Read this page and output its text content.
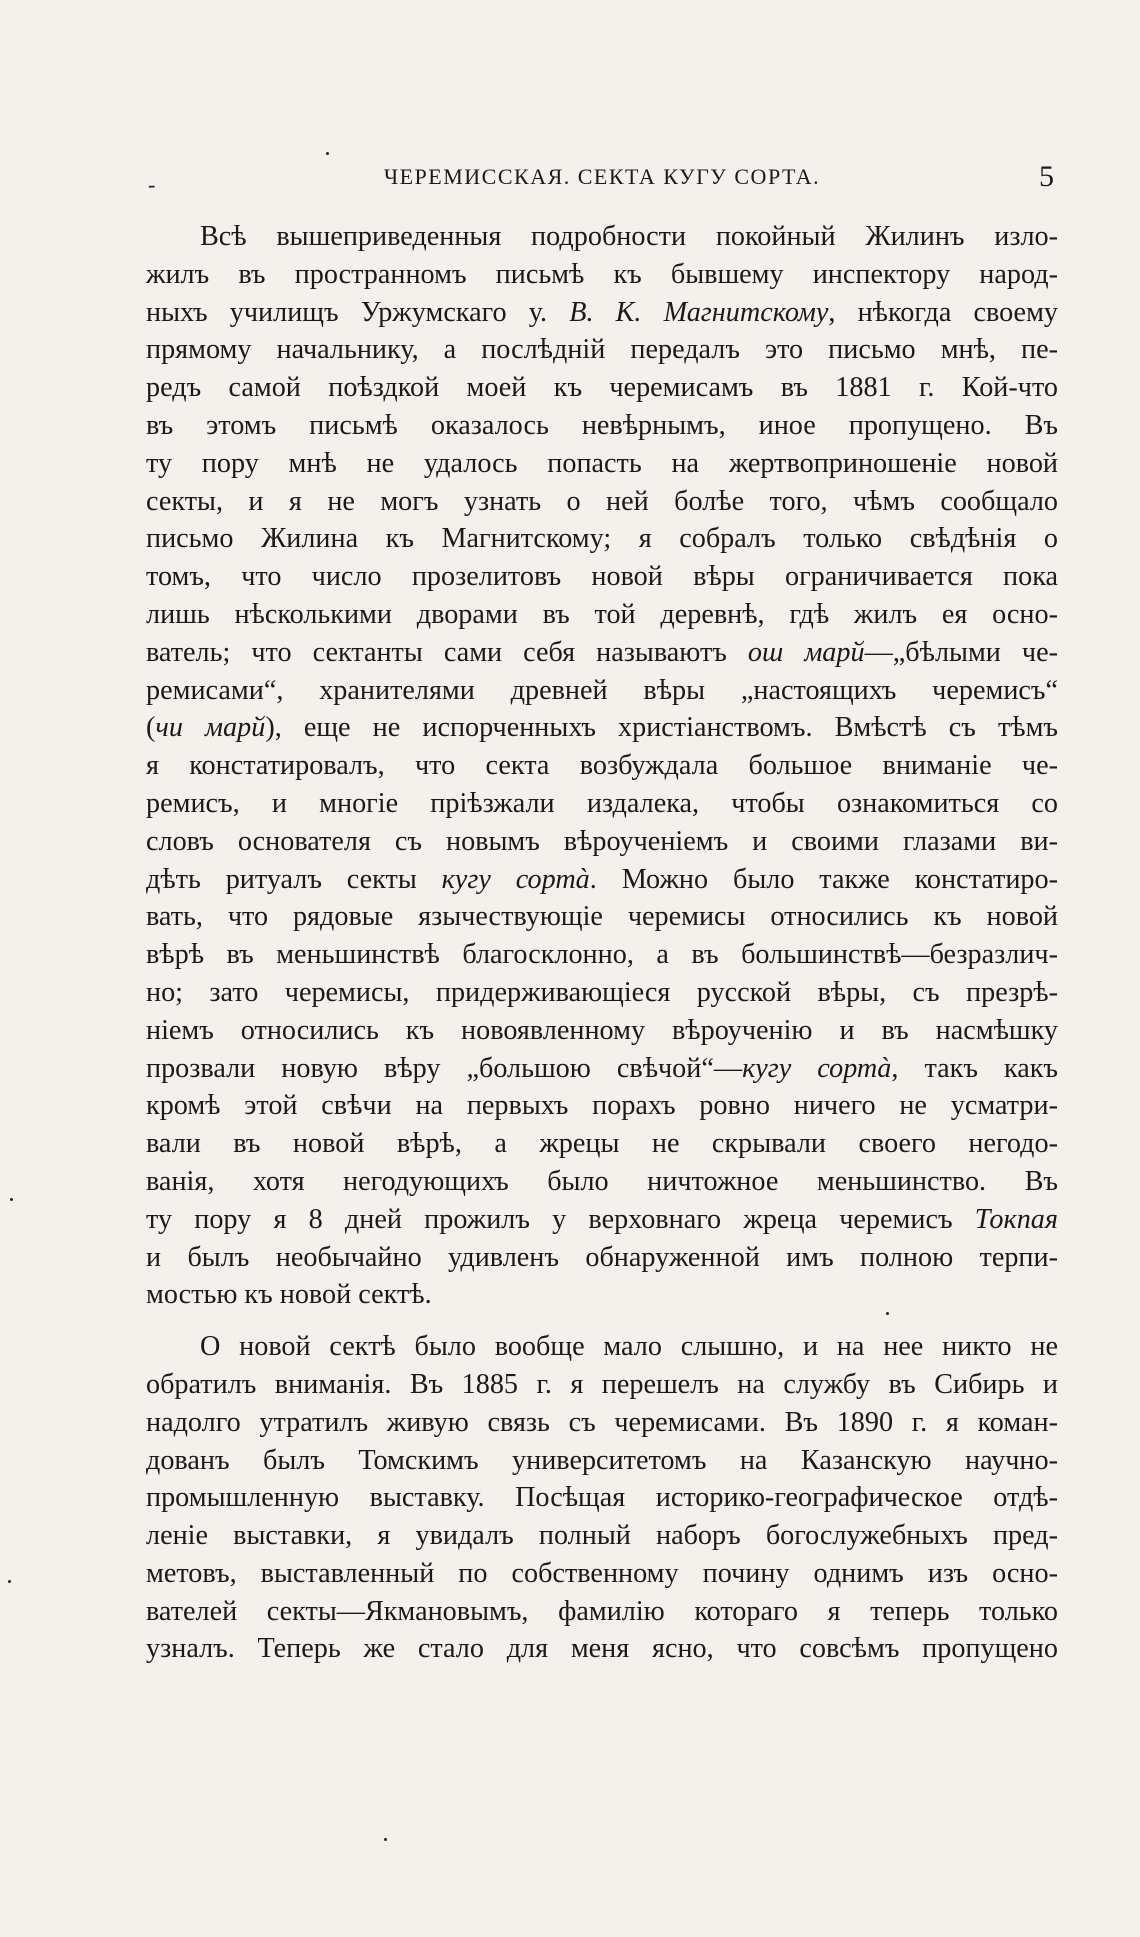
-	ЧЕРЕМИССКАЯ. СЕКТА КУГУ СОРТА.	5

Всѣ вышеприведенныя подробности покойный Жилинъ изло-
жилъ въ пространномъ письмѣ къ бывшему инспектору народ-
ныхъ училищъ Уржумскаго у. В. К. Магнитскому, нѣкогда своему
прямому начальнику, а послѣдній передалъ это письмо мнѣ, пе-
редъ самой поѣздкой моей къ черемисамъ въ 1881 г. Кой-что
въ этомъ письмѣ оказалось невѣрнымъ, иное пропущено. Въ
ту пору мнѣ не удалось попасть на жертвоприношеніе новой
секты, и я не могъ узнать о ней болѣе того, чѣмъ сообщало
письмо Жилина къ Магнитскому; я собралъ только свѣдѣнія о
томъ, что число прозелитовъ новой вѣры ограничивается пока
лишь нѣсколькими дворами въ той деревнѣ, гдѣ жилъ ея осно-
ватель; что сектанты сами себя называютъ ош марй—„бѣлыми че-
ремисами“, хранителями древней вѣры „настоящихъ черемисъ“
(чи марй), еще не испорченныхъ христіанствомъ. Вмѣстѣ съ тѣмъ
я констатировалъ, что секта возбуждала большое вниманіе че-
ремисъ, и многіе пріѣзжали издалека, чтобы ознакомиться со
словъ основателя съ новымъ вѣроученіемъ и своими глазами ви-
дѣть ритуалъ секты кугу сортà. Можно было также констатиро-
вать, что рядовые язычествующіе черемисы относились къ новой
вѣрѣ въ меньшинствѣ благосклонно, а въ большинствѣ—безразлич-
но; зато черемисы, придерживающіеся русской вѣры, съ презрѣ-
ніемъ относились къ новоявленному вѣроученію и въ насмѣшку
прозвали новую вѣру „большою свѣчой“—кугу сортà, такъ какъ
кромѣ этой свѣчи на первыхъ порахъ ровно ничего не усматри-
вали въ новой вѣрѣ, а жрецы не скрывали своего негодо-
ванія, хотя негодующихъ было ничтожное меньшинство. Въ
ту пору я 8 дней прожилъ у верховнаго жреца черемисъ Токпая
и былъ необычайно удивленъ обнаруженной имъ полною терпи-
мостью къ новой сектѣ.

О новой сектѣ было вообще мало слышно, и на нее никто не
обратилъ вниманія. Въ 1885 г. я перешелъ на службу въ Сибирь и
надолго утратилъ живую связь съ черемисами. Въ 1890 г. я коман-
дованъ былъ Томскимъ университетомъ на Казанскую научно-
промышленную выставку. Посѣщая историко-географическое отдѣ-
леніе выставки, я увидалъ полный наборъ богослужебныхъ пред-
метовъ, выставленный по собственному почину однимъ изъ осно-
вателей секты—Якмановымъ, фамилію котораго я теперь только
узналъ. Теперь же стало для меня ясно, что совсѣмъ пропущено
